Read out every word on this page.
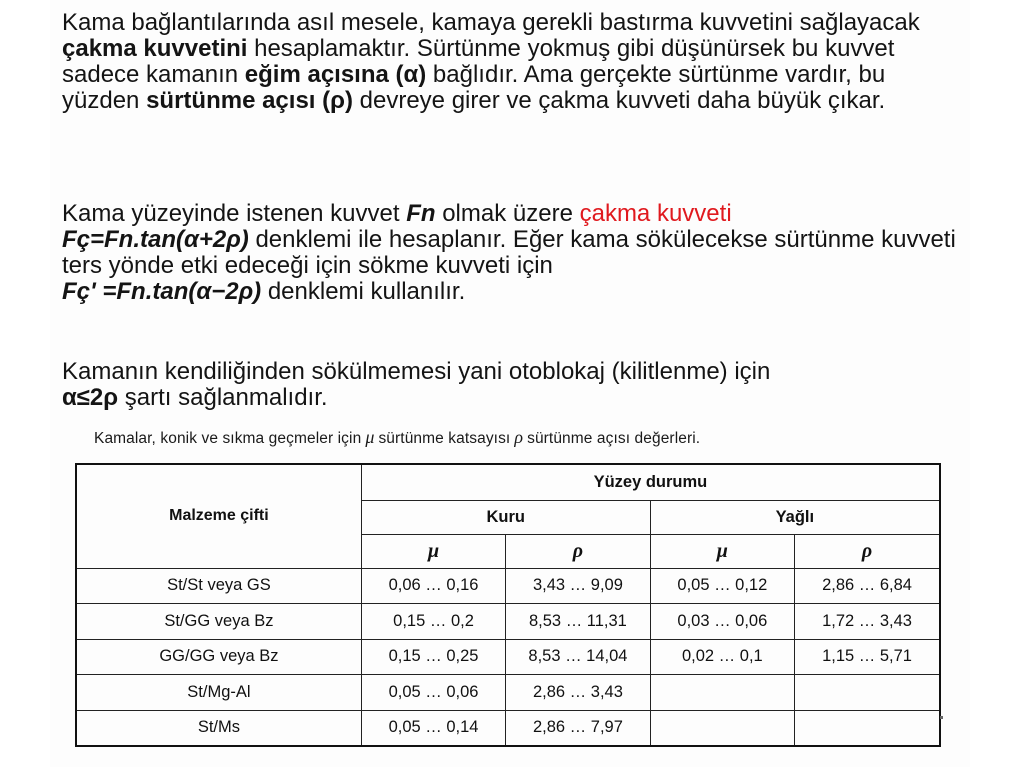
Kama bağlantılarında asıl mesele, kamaya gerekli bastırma kuvvetini sağlayacak çakma kuvvetini hesaplamaktır. Sürtünme yokmuş gibi düşünürsek bu kuvvet sadece kamanın eğim açısına (α) bağlıdır. Ama gerçekte sürtünme vardır, bu yüzden sürtünme açısı (ρ) devreye girer ve çakma kuvveti daha büyük çıkar.
Kama yüzeyinde istenen kuvvet Fn olmak üzere çakma kuvveti
Fç=Fn.tan(α+2ρ) denklemi ile hesaplanır. Eğer kama sökülecekse sürtünme kuvveti ters yönde etki edeceği için sökme kuvveti için
Fç' =Fn.tan(α−2ρ) denklemi kullanılır.
Kamanın kendiliğinden sökülmemesi yani otoblokaj (kilitlenme) için
α≤2ρ şartı sağlanmalıdır.
Kamalar, konik ve sıkma geçmeler için μ sürtünme katsayısı ρ sürtünme açısı değerleri.
Malzeme çifti	Yüzey durumu			
	Kuru		Yağlı	
	μ	ρ	μ	ρ
St/St veya GS	0,06 … 0,16	3,43 … 9,09	0,05 … 0,12	2,86 … 6,84
St/GG veya Bz	0,15 … 0,2	8,53 … 11,31	0,03 … 0,06	1,72 … 3,43
GG/GG veya Bz	0,15 … 0,25	8,53 … 14,04	0,02 … 0,1	1,15 … 5,71
St/Mg-Al	0,05 … 0,06	2,86 … 3,43		
St/Ms	0,05 … 0,14	2,86 … 7,97		
